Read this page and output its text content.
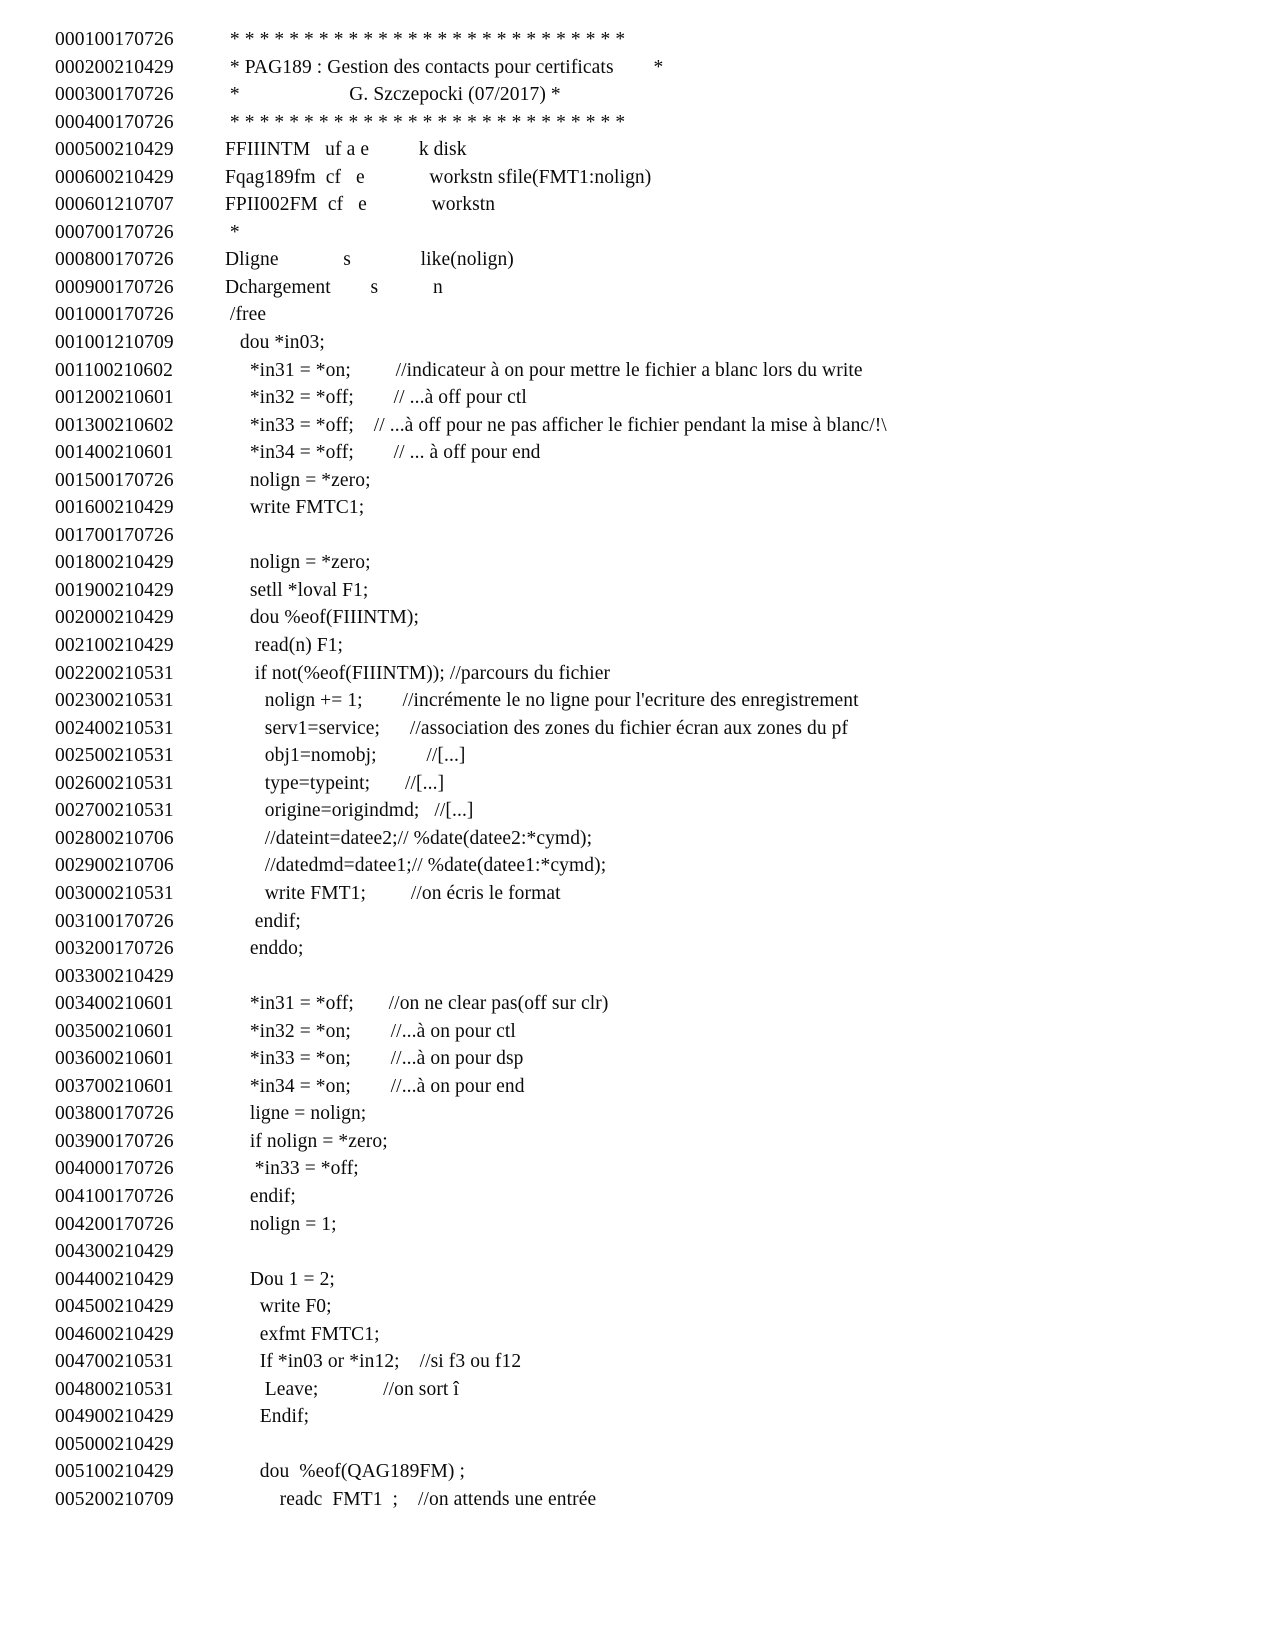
000100170726   * * * * * * * * * * * * * * * * * * * * * * * * * * *
000200210429   * PAG189 : Gestion des contacts pour certificats        *
000300170726   *                      G. Szczepocki (07/2017) *
000400170726   * * * * * * * * * * * * * * * * * * * * * * * * * * *
000500210429  FFIIINTM   uf a e          k disk
000600210429  Fqag189fm  cf   e             workstn sfile(FMT1:nolign)
000601210707  FPII002FM  cf   e             workstn
000700170726   *
000800170726  Dligne             s              like(nolign)
000900170726  Dchargement        s           n
001000170726   /free
001001210709     dou *in03;
001100210602       *in31 = *on;         //indicateur à on pour mettre le fichier a blanc lors du write
001200210601       *in32 = *off;        // ...à off pour ctl
001300210602       *in33 = *off;    // ...à off pour ne pas afficher le fichier pendant la mise à blanc/!\
001400210601       *in34 = *off;        // ... à off pour end
001500170726       nolign = *zero;
001600210429       write FMTC1;
001700170726
001800210429       nolign = *zero;
001900210429       setll *loval F1;
002000210429       dou %eof(FIIINTM);
002100210429        read(n) F1;
002200210531        if not(%eof(FIIINTM)); //parcours du fichier
002300210531          nolign += 1;        //incrémente le no ligne pour l'ecriture des enregistrement
002400210531          serv1=service;      //association des zones du fichier écran aux zones du pf
002500210531          obj1=nomobj;          //[...]
002600210531          type=typeint;       //[...]
002700210531          origine=origindmd;   //[...]
002800210706          //dateint=datee2;// %date(datee2:*cymd);
002900210706          //datedmd=datee1;// %date(datee1:*cymd);
003000210531          write FMT1;         //on écris le format
003100170726        endif;
003200170726       enddo;
003300210429
003400210601       *in31 = *off;       //on ne clear pas(off sur clr)
003500210601       *in32 = *on;        //...à on pour ctl
003600210601       *in33 = *on;        //...à on pour dsp
003700210601       *in34 = *on;        //...à on pour end
003800170726       ligne = nolign;
003900170726       if nolign = *zero;
004000170726        *in33 = *off;
004100170726       endif;
004200170726       nolign = 1;
004300210429
004400210429       Dou 1 = 2;
004500210429         write F0;
004600210429         exfmt FMTC1;
004700210531         If *in03 or *in12;    //si f3 ou f12
004800210531          Leave;             //on sort î
004900210429         Endif;
005000210429
005100210429         dou  %eof(QAG189FM) ;
005200210709             readc  FMT1  ;    //on attends une entrée
